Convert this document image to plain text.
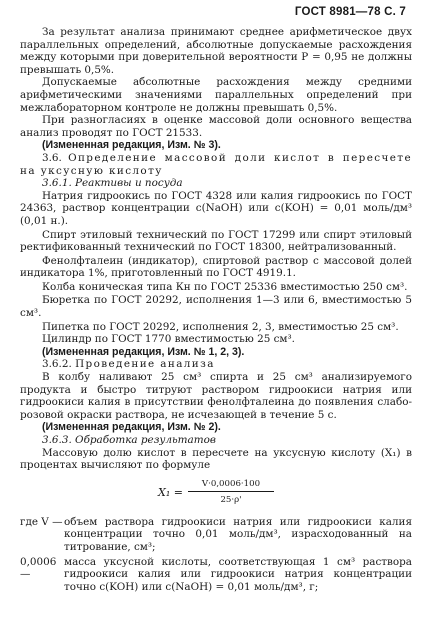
ГОСТ 8981—78 С. 7

За результат анализа принимают среднее арифметическое двух параллельных определений, абсолютные допускаемые расхождения между которыми при доверительной вероятности P = 0,95 не должны превышать 0,5%.

Допускаемые абсолютные расхождения между средними арифметическими значениями параллельных определений при межлабораторном контроле не должны превышать 0,5%.

При разногласиях в оценке массовой доли основного вещества анализ проводят по ГОСТ 21533.

(Измененная редакция, Изм. № 3).

3.6. Определение массовой доли кислот в пересчете на уксусную кислоту

3.6.1. Реактивы и посуда

Натрия гидроокись по ГОСТ 4328 или калия гидроокись по ГОСТ 24363, раствор концентрации c(NaOH) или c(KOH) = 0,01 моль/дм³ (0,01 н.).

Спирт этиловый технический по ГОСТ 17299 или спирт этиловый ректификованный технический по ГОСТ 18300, нейтрализованный.

Фенолфталеин (индикатор), спиртовой раствор с массовой долей индикатора 1%, приготовленный по ГОСТ 4919.1.

Колба коническая типа Кн по ГОСТ 25336 вместимостью 250 см³.

Бюретка по ГОСТ 20292, исполнения 1—3 или 6, вместимостью 5 см³.

Пипетка по ГОСТ 20292, исполнения 2, 3, вместимостью 25 см³.

Цилиндр по ГОСТ 1770 вместимостью 25 см³.

(Измененная редакция, Изм. № 1, 2, 3).

3.6.2. Проведение анализа

В колбу наливают 25 см³ спирта и 25 см³ анализируемого продукта и быстро титруют раствором гидроокиси натрия или гидроокиси калия в присутствии фенолфталеина до появления слабо-розовой окраски раствора, не исчезающей в течение 5 с.

(Измененная редакция, Изм. № 2).

3.6.3. Обработка результатов

Массовую долю кислот в пересчете на уксусную кислоту (X₁) в процентах вычисляют по формуле

$X_1 = \frac{V\cdot 0,0006\cdot 100}{25\cdot\rho'}$
где V — объем раствора гидроокиси натрия или гидроокиси калия концентрации точно 0,01 моль/дм³, израсходованный на титрование, см³;
0,0006 —
масса уксусной кислоты, соответствующая 1 см³ раствора гидроокиси калия или гидроокиси натрия концентрации точно c(KOH) или c(NaOH) = 0,01 моль/дм³, г;
